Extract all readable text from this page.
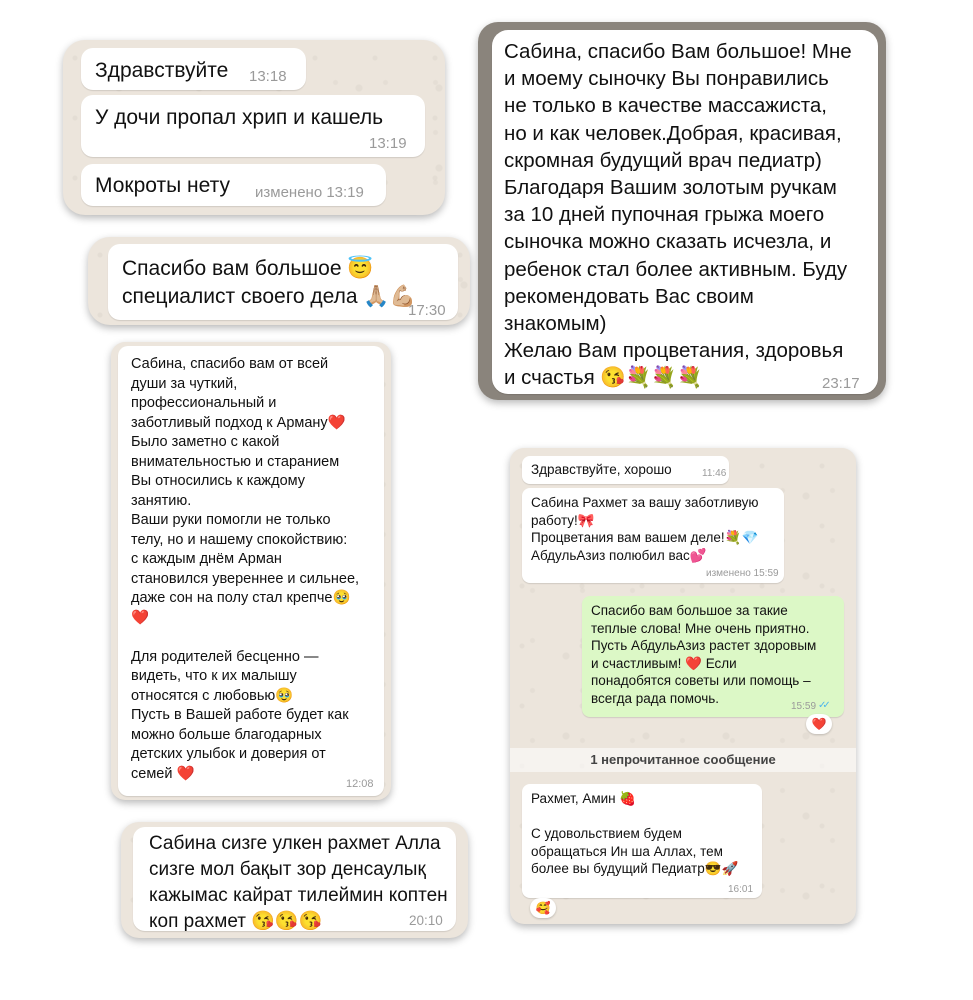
Здравствуйте 13:18
У дочи пропал хрип и кашель
13:19
Мокроты нету изменено 13:19
Спасибо вам большое 😇
специалист своего дела 🙏🏼💪🏼
17:30
Сабина, спасибо Вам большое! Мне
и моему сыночку Вы понравились
не только в качестве массажиста,
но и как человек.Добрая, красивая,
скромная будущий врач педиатр)
Благодаря Вашим золотым ручкам
за 10 дней пупочная грыжа моего
сыночка можно сказать исчезла, и
ребенок стал более активным. Буду
рекомендовать Вас своим
знакомым)
Желаю Вам процветания, здоровья
и счастья 😘💐💐💐	23:17
Сабина, спасибо вам от всей
души за чуткий,
профессиональный и
заботливый подход к Арману❤️
Было заметно с какой
внимательностью и старанием
Вы относились к каждому
занятию.
Ваши руки помогли не только
телу, но и нашему спокойствию:
с каждым днём Арман
становился увереннее и сильнее,
даже сон на полу стал крепче🥹
❤️

Для родителей бесценно —
видеть, что к их малышу
относятся с любовью🥹
Пусть в Вашей работе будет как
можно больше благодарных
детских улыбок и доверия от
семей ❤️
12:08
Здравствуйте, хорошо	11:46
Сабина Рахмет за вашу заботливую
работу!🎀
Процветания вам вашем деле!💐💎
АбдульАзиз полюбил вас💕
изменено 15:59
Спасибо вам большое за такие
теплые слова! Мне очень приятно.
Пусть АбдульАзиз растет здоровым
и счастливым! ❤️ Если
понадобятся советы или помощь –
всегда рада помочь.
15:59 ✓✓
❤️
1 непрочитанное сообщение
Рахмет, Амин 🍓

С удовольствием будем
обращаться Ин ша Аллах, тем
более вы будущий Педиатр😎🚀
16:01
🥰
Сабина сизге улкен рахмет Алла
сизге мол бақыт зор денсаулық
кажымас кайрат тилеймин коптен
коп рахмет 😘😘😘	20:10
